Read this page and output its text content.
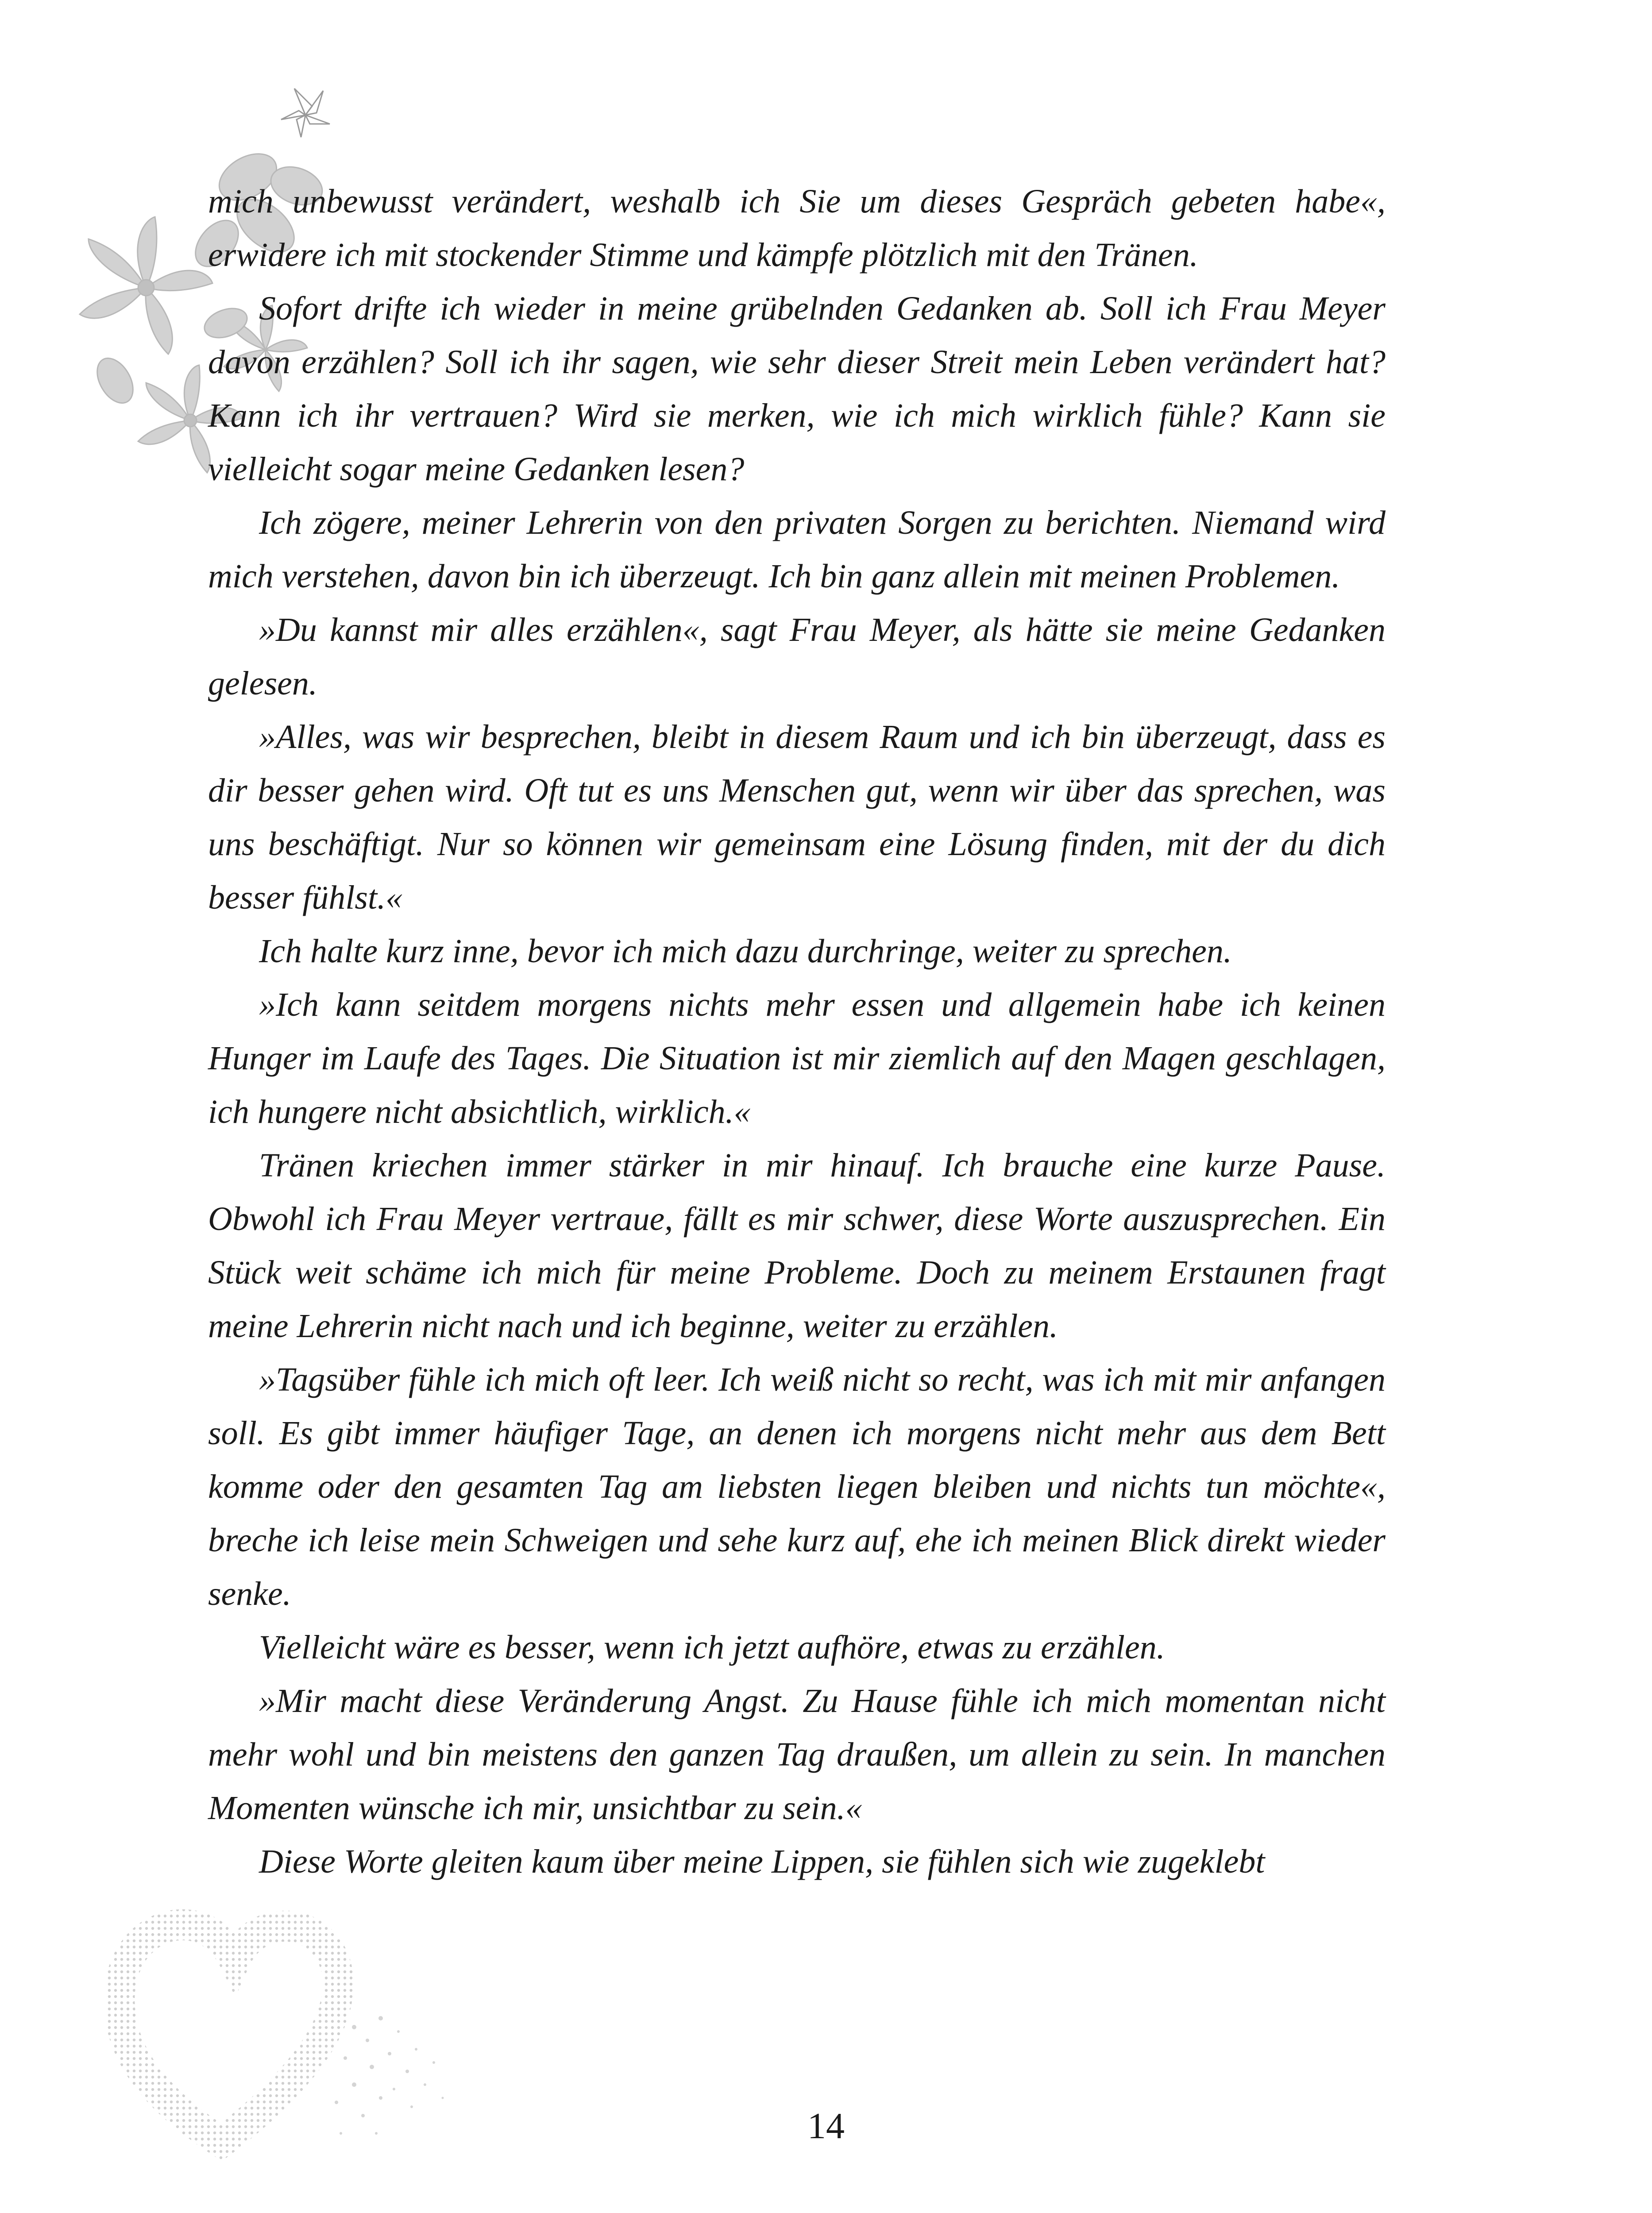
mich unbewusst verändert, weshalb ich Sie um dieses Gespräch gebeten habe«, erwidere ich mit stockender Stimme und kämpfe plötzlich mit den Tränen.

Sofort drifte ich wieder in meine grübelnden Gedanken ab. Soll ich Frau Meyer davon erzählen? Soll ich ihr sagen, wie sehr dieser Streit mein Leben verändert hat? Kann ich ihr vertrauen? Wird sie merken, wie ich mich wirklich fühle? Kann sie vielleicht sogar meine Gedanken lesen?

Ich zögere, meiner Lehrerin von den privaten Sorgen zu berichten. Niemand wird mich verstehen, davon bin ich überzeugt. Ich bin ganz allein mit meinen Problemen.

»Du kannst mir alles erzählen«, sagt Frau Meyer, als hätte sie meine Gedanken gelesen.

»Alles, was wir besprechen, bleibt in diesem Raum und ich bin überzeugt, dass es dir besser gehen wird. Oft tut es uns Menschen gut, wenn wir über das sprechen, was uns beschäftigt. Nur so können wir gemeinsam eine Lösung finden, mit der du dich besser fühlst.«

Ich halte kurz inne, bevor ich mich dazu durchringe, weiter zu sprechen.

»Ich kann seitdem morgens nichts mehr essen und allgemein habe ich keinen Hunger im Laufe des Tages. Die Situation ist mir ziemlich auf den Magen geschlagen, ich hungere nicht absichtlich, wirklich.«

Tränen kriechen immer stärker in mir hinauf. Ich brauche eine kurze Pause. Obwohl ich Frau Meyer vertraue, fällt es mir schwer, diese Worte auszusprechen. Ein Stück weit schäme ich mich für meine Probleme. Doch zu meinem Erstaunen fragt meine Lehrerin nicht nach und ich beginne, weiter zu erzählen.

»Tagsüber fühle ich mich oft leer. Ich weiß nicht so recht, was ich mit mir anfangen soll. Es gibt immer häufiger Tage, an denen ich morgens nicht mehr aus dem Bett komme oder den gesamten Tag am liebsten liegen bleiben und nichts tun möchte«, breche ich leise mein Schweigen und sehe kurz auf, ehe ich meinen Blick direkt wieder senke.

Vielleicht wäre es besser, wenn ich jetzt aufhöre, etwas zu erzählen.

»Mir macht diese Veränderung Angst. Zu Hause fühle ich mich momentan nicht mehr wohl und bin meistens den ganzen Tag draußen, um allein zu sein. In manchen Momenten wünsche ich mir, unsichtbar zu sein.«

Diese Worte gleiten kaum über meine Lippen, sie fühlen sich wie zugeklebt

14
